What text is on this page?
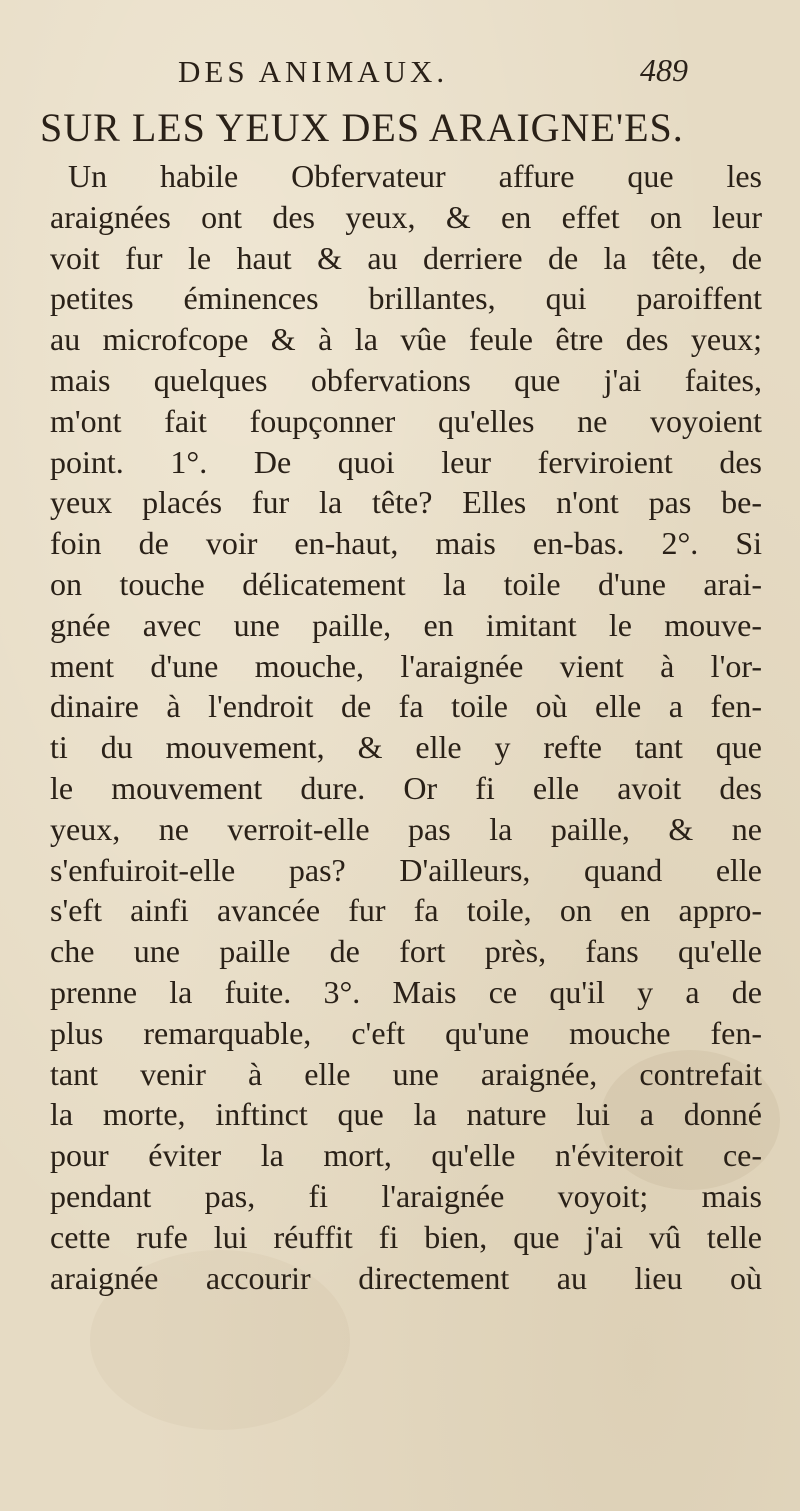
DES ANIMAUX.	489
SUR LES YEUX DES ARAIGNE'ES.
Un habile Obfervateur affure que les
araignées ont des yeux, & en effet on leur
voit fur le haut & au derriere de la tête, de
petites éminences brillantes, qui paroiffent
au microfcope & à la vûe feule être des yeux;
mais quelques obfervations que j'ai faites,
m'ont fait foupçonner qu'elles ne voyoient
point. 1°. De quoi leur ferviroient des
yeux placés fur la tête? Elles n'ont pas be-
foin de voir en-haut, mais en-bas. 2°. Si
on touche délicatement la toile d'une arai-
gnée avec une paille, en imitant le mouve-
ment d'une mouche, l'araignée vient à l'or-
dinaire à l'endroit de fa toile où elle a fen-
ti du mouvement, & elle y refte tant que
le mouvement dure. Or fi elle avoit des
yeux, ne verroit-elle pas la paille, & ne
s'enfuiroit-elle pas? D'ailleurs, quand elle
s'eft ainfi avancée fur fa toile, on en appro-
che une paille de fort près, fans qu'elle
prenne la fuite. 3°. Mais ce qu'il y a de
plus remarquable, c'eft qu'une mouche fen-
tant venir à elle une araignée, contrefait
la morte, inftinct que la nature lui a donné
pour éviter la mort, qu'elle n'éviteroit ce-
pendant pas, fi l'araignée voyoit; mais
cette rufe lui réuffit fi bien, que j'ai vû telle
araignée accourir directement au lieu où
